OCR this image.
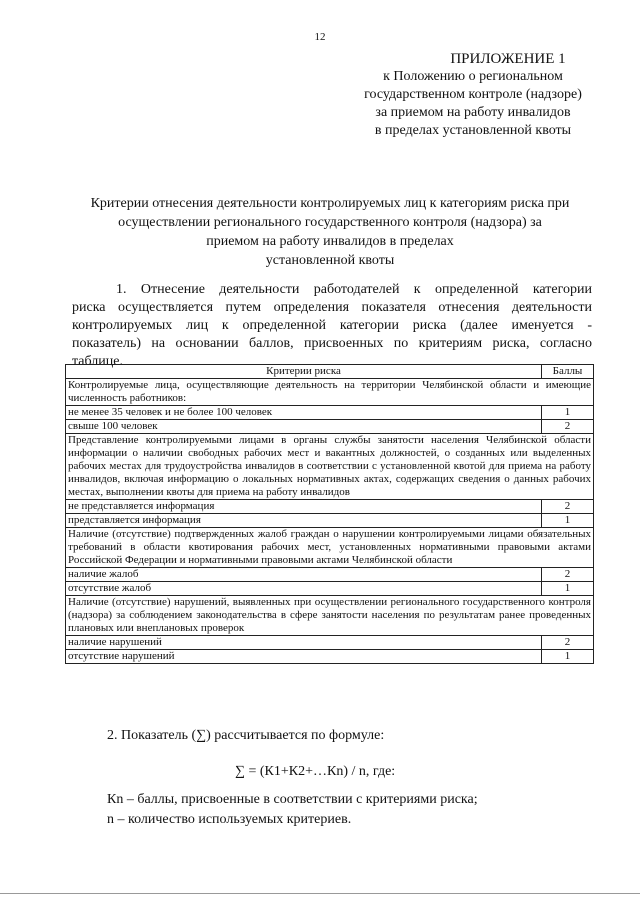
12
ПРИЛОЖЕНИЕ 1
к Положению о региональном
государственном контроле (надзоре)
за приемом на работу инвалидов
в пределах установленной квоты
Критерии отнесения деятельности контролируемых лиц к категориям риска при
осуществлении регионального государственного контроля (надзора) за
приемом на работу инвалидов в пределах
установленной квоты
1. Отнесение деятельности работодателей к определенной категории
риска осуществляется путем определения показателя отнесения деятельности
контролируемых лиц к определенной категории риска (далее именуется -
показатель) на основании баллов, присвоенных по критериям риска, согласно
таблице.
Критерии риска	Баллы
Контролируемые лица, осуществляющие деятельность на территории Челябинской области и имеющие численность работников:	
не менее 35 человек и не более 100 человек	1
свыше 100 человек	2
Представление контролируемыми лицами в органы службы занятости населения Челябинской области информации о наличии свободных рабочих мест и вакантных должностей, о созданных или выделенных рабочих местах для трудоустройства инвалидов в соответствии с установленной квотой для приема на работу инвалидов, включая информацию о локальных нормативных актах, содержащих сведения о данных рабочих местах, выполнении квоты для приема на работу инвалидов	
не представляется информация	2
представляется информация	1
Наличие (отсутствие) подтвержденных жалоб граждан о нарушении контролируемыми лицами обязательных требований в области квотирования рабочих мест, установленных нормативными правовыми актами Российской Федерации и нормативными правовыми актами Челябинской области	
наличие жалоб	2
отсутствие жалоб	1
Наличие (отсутствие) нарушений, выявленных при осуществлении регионального государственного контроля (надзора) за соблюдением законодательства в сфере занятости населения по результатам ранее проведенных плановых или внеплановых проверок	
наличие нарушений	2
отсутствие нарушений	1
2. Показатель (∑) рассчитывается по формуле:
∑ = (К1+К2+…Кn) / n, где:
Кn – баллы, присвоенные в соответствии с критериями риска;
n – количество используемых критериев.
